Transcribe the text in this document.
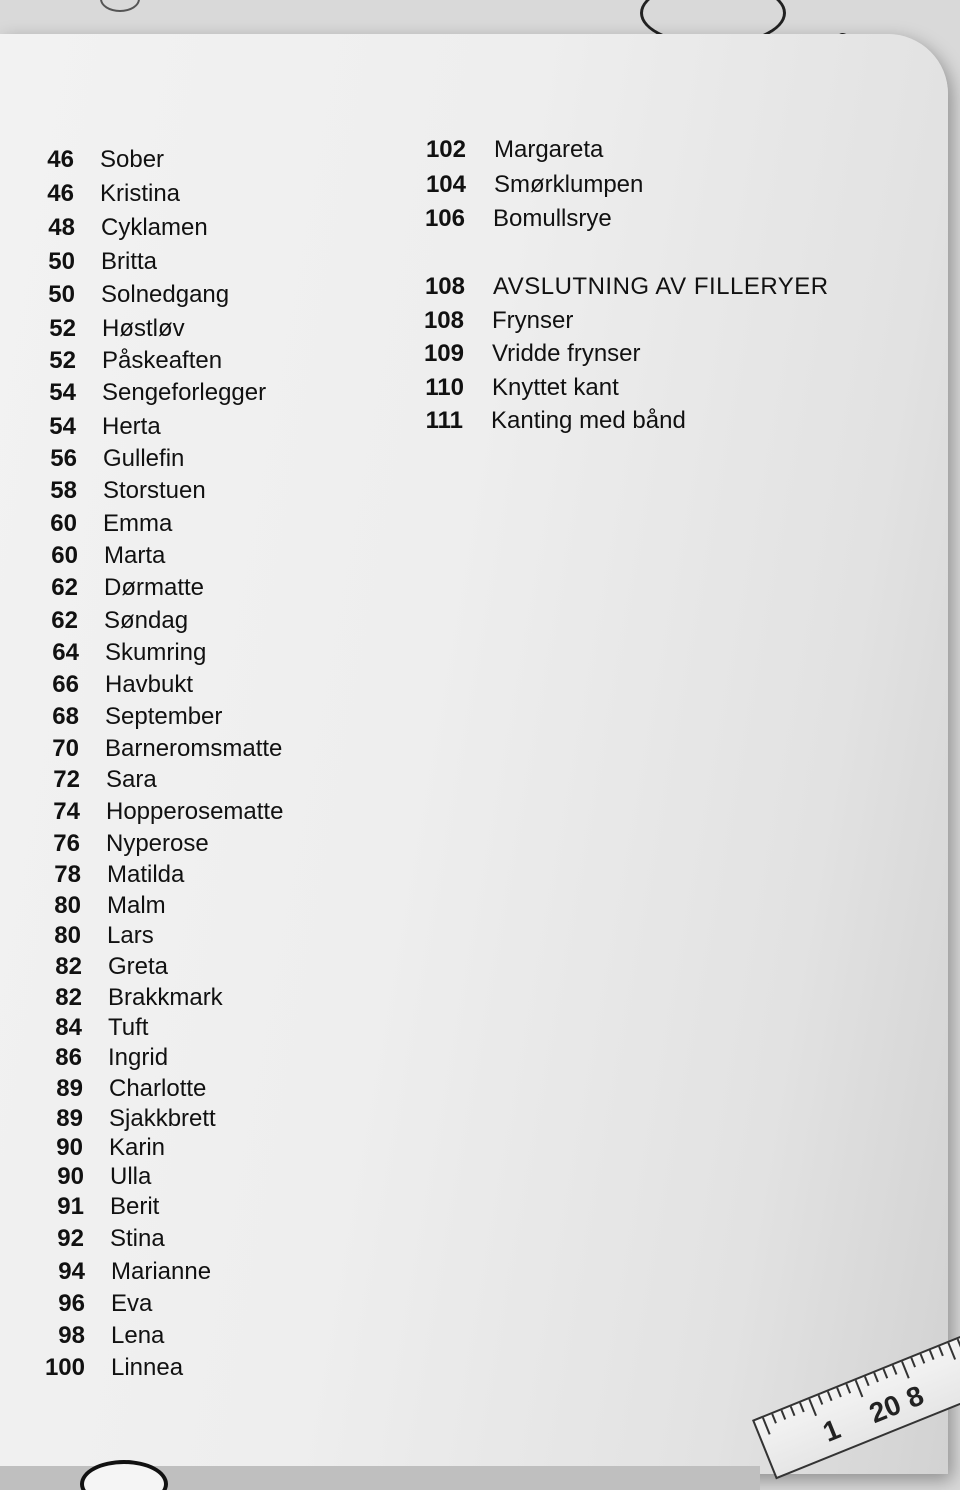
46 Sober
46 Kristina
48 Cyklamen
50 Britta
50 Solnedgang
52 Høstløv
52 Påskeaften
54 Sengeforlegger
54 Herta
56 Gullefin
58 Storstuen
60 Emma
60 Marta
62 Dørmatte
62 Søndag
64 Skumring
66 Havbukt
68 September
70 Barneromsmatte
72 Sara
74 Hopperosematte
76 Nyperose
78 Matilda
80 Malm
80 Lars
82 Greta
82 Brakkmark
84 Tuft
86 Ingrid
89 Charlotte
89 Sjakkbrett
90 Karin
90 Ulla
91 Berit
92 Stina
94 Marianne
96 Eva
98 Lena
100 Linnea
102 Margareta
104 Smørklumpen
106 Bomullsrye
108 AVSLUTNING AV FILLERYER
108 Frynser
109 Vridde frynser
110 Knyttet kant
111 Kanting med bånd
20
1
8
